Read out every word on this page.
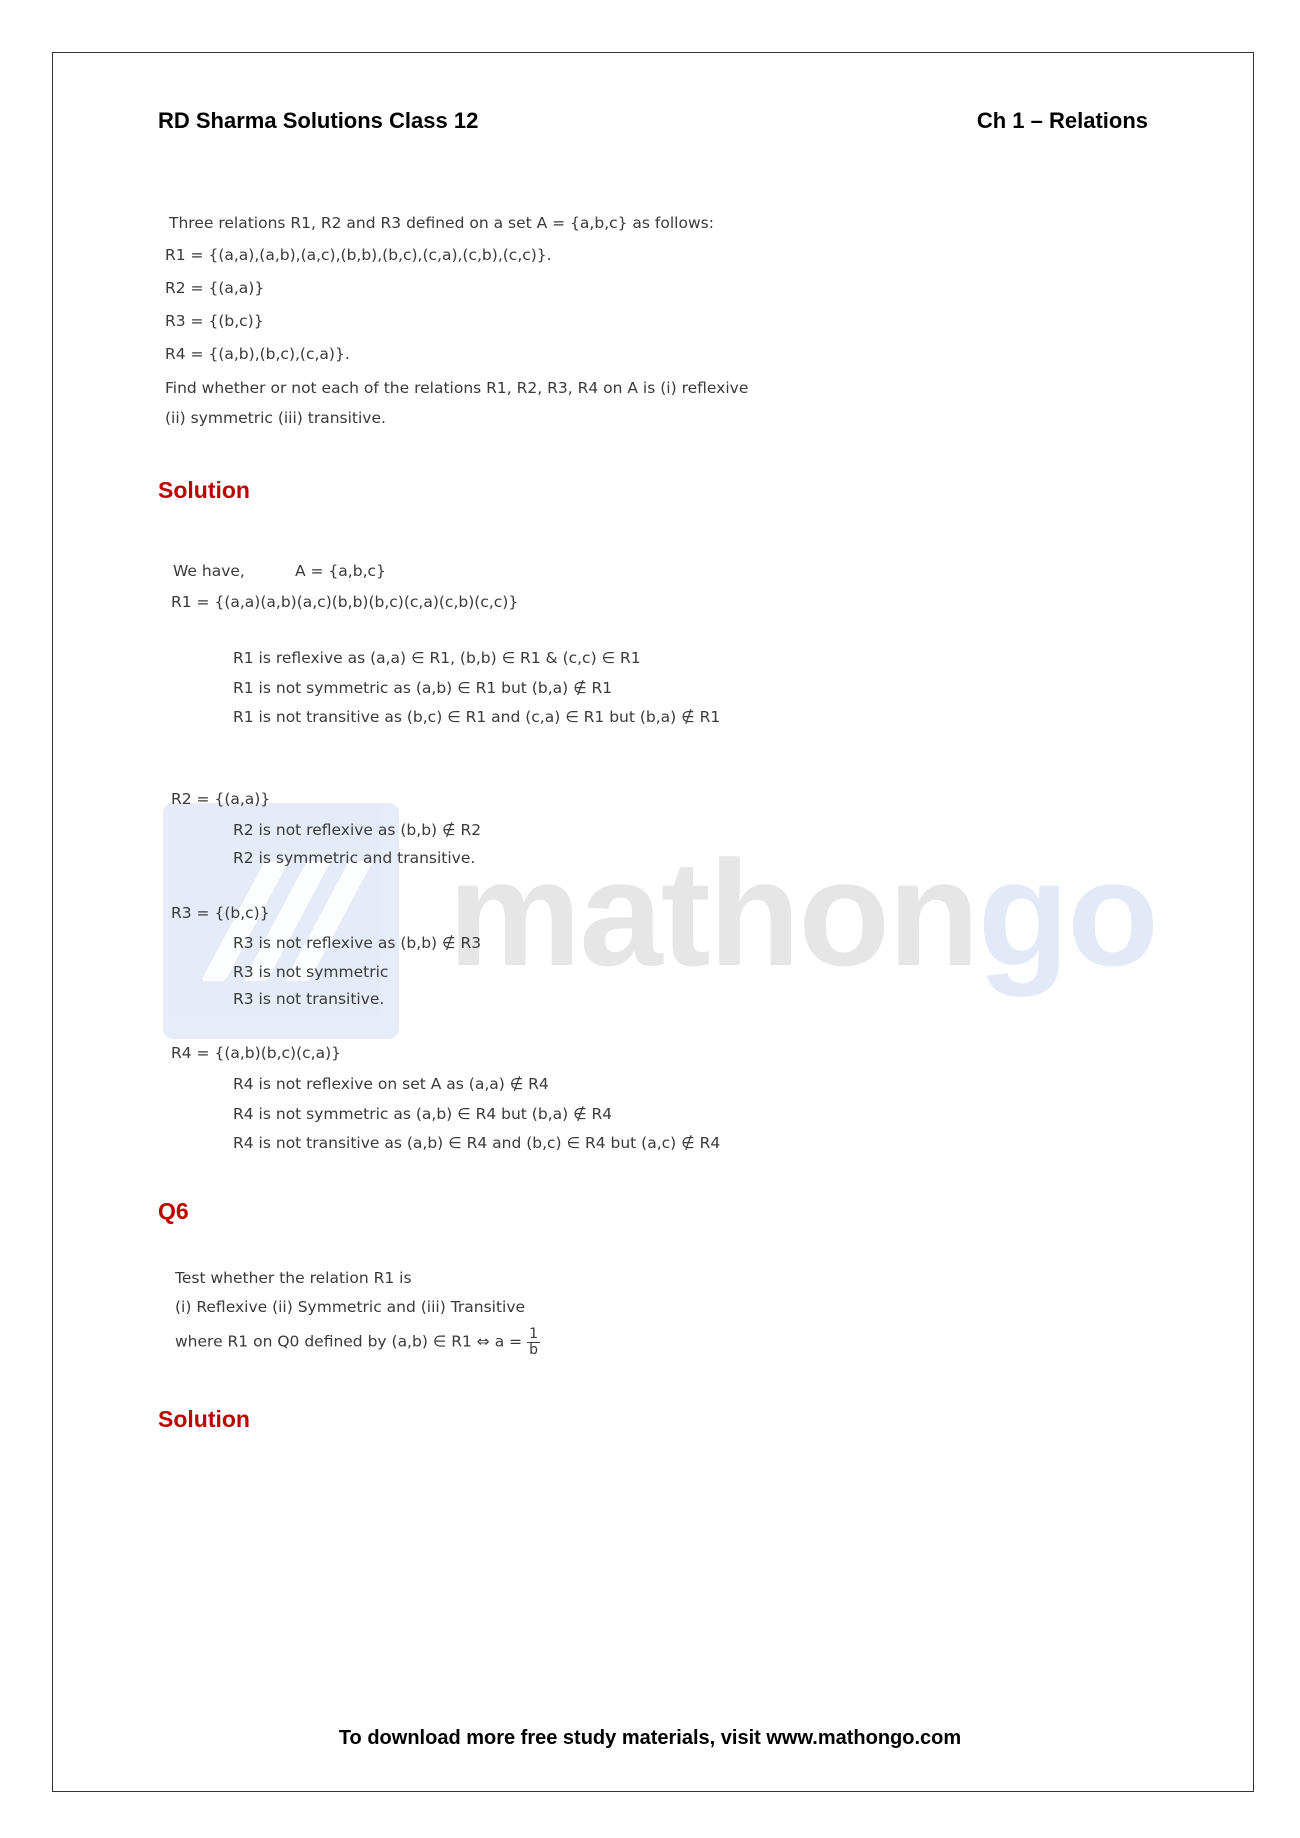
mathongo
RD Sharma Solutions Class 12	Ch 1 – Relations
Three relations R1, R2 and R3 defined on a set A = {a,b,c} as follows:
R1 = {(a,a),(a,b),(a,c),(b,b),(b,c),(c,a),(c,b),(c,c)}.
R2 = {(a,a)}
R3 = {(b,c)}
R4 = {(a,b),(b,c),(c,a)}.
Find whether or not each of the relations R1, R2, R3, R4 on A is (i) reflexive
(ii) symmetric (iii) transitive.
Solution
We have,	A = {a,b,c}
R1 = {(a,a)(a,b)(a,c)(b,b)(b,c)(c,a)(c,b)(c,c)}
R1 is reflexive as (a,a) ∈ R1, (b,b) ∈ R1 & (c,c) ∈ R1
R1 is not symmetric as (a,b) ∈ R1 but (b,a) ∉ R1
R1 is not transitive as (b,c) ∈ R1 and (c,a) ∈ R1 but (b,a) ∉ R1
R2 = {(a,a)}
R2 is not reflexive as (b,b) ∉ R2
R2 is symmetric and transitive.
R3 = {(b,c)}
R3 is not reflexive as (b,b) ∉ R3
R3 is not symmetric
R3 is not transitive.
R4 = {(a,b)(b,c)(c,a)}
R4 is not reflexive on set A as (a,a) ∉ R4
R4 is not symmetric as (a,b) ∈ R4 but (b,a) ∉ R4
R4 is not transitive as (a,b) ∈ R4 and (b,c) ∈ R4 but (a,c) ∉ R4
Q6
Test whether the relation R1 is
(i) Reflexive (ii) Symmetric and (iii) Transitive
where R1 on Q0 defined by (a,b) ∈ R1 ⇔ $a = \frac{1}{b}$
Solution
To download more free study materials, visit www.mathongo.com
